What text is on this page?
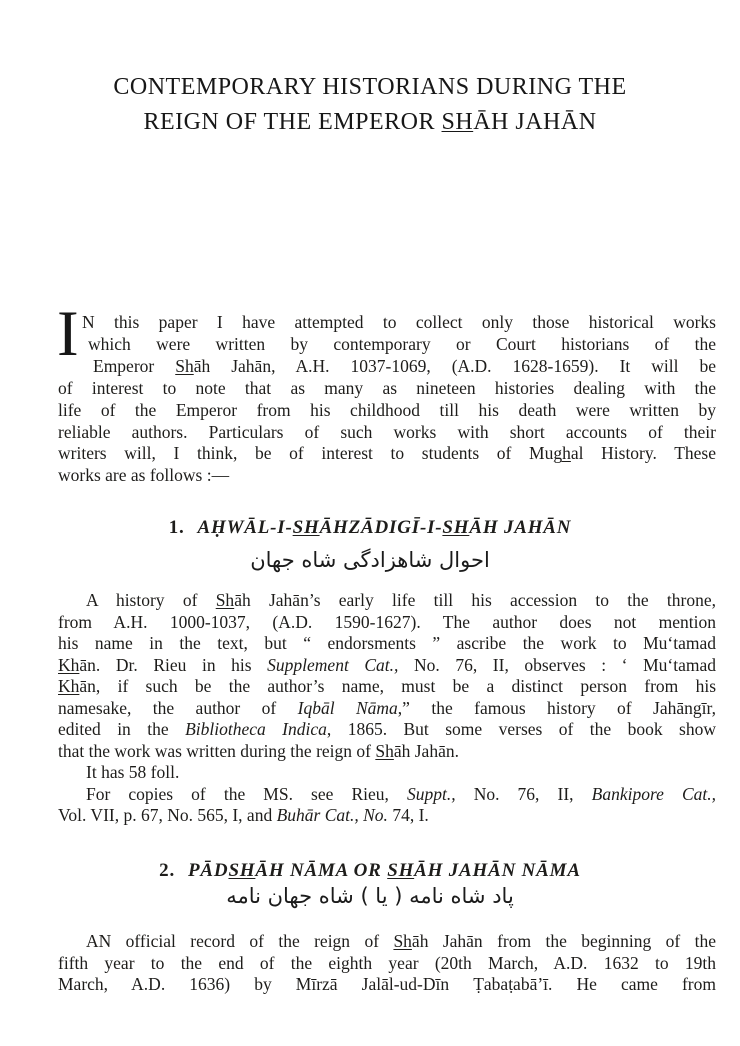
CONTEMPORARY HISTORIANS DURING THE
REIGN OF THE EMPEROR SHĀH JAHĀN
I N this paper I have attempted to collect only those historical works
which were written by contemporary or Court historians of the
Emperor Shāh Jahān, A.H. 1037-1069, (A.D. 1628-1659). It will be
of interest to note that as many as nineteen histories dealing with the
life of the Emperor from his childhood till his death were written by
reliable authors. Particulars of such works with short accounts of their
writers will, I think, be of interest to students of Mughal History. These
works are as follows :—
1. AḤWĀL-I-SHĀHZĀDIGĪ-I-SHĀH JAHĀN
احوال شاهزادگی شاه جهان
A history of Shāh Jahān’s early life till his accession to the throne,
from A.H. 1000-1037, (A.D. 1590-1627). The author does not mention
his name in the text, but “ endorsments ” ascribe the work to Mu‘tamad
Khān. Dr. Rieu in his Supplement Cat., No. 76, II, observes : ‘ Mu‘tamad
Khān, if such be the author’s name, must be a distinct person from his
namesake, the author of Iqbāl Nāma,” the famous history of Jahāngīr,
edited in the Bibliotheca Indica, 1865. But some verses of the book show
that the work was written during the reign of Shāh Jahān.
It has 58 foll.
For copies of the MS. see Rieu, Suppt., No. 76, II, Bankipore Cat.,
Vol. VII, p. 67, No. 565, I, and Buhār Cat., No. 74, I.
2. PĀDSHĀH NĀMA OR SHĀH JAHĀN NĀMA
پاد شاه نامه ( یا ) شاه جهان نامه
AN official record of the reign of Shāh Jahān from the beginning of the
fifth year to the end of the eighth year (20th March, A.D. 1632 to 19th
March, A.D. 1636) by Mīrzā Jalāl-ud-Dīn Ṭabaṭabā’ī. He came from
